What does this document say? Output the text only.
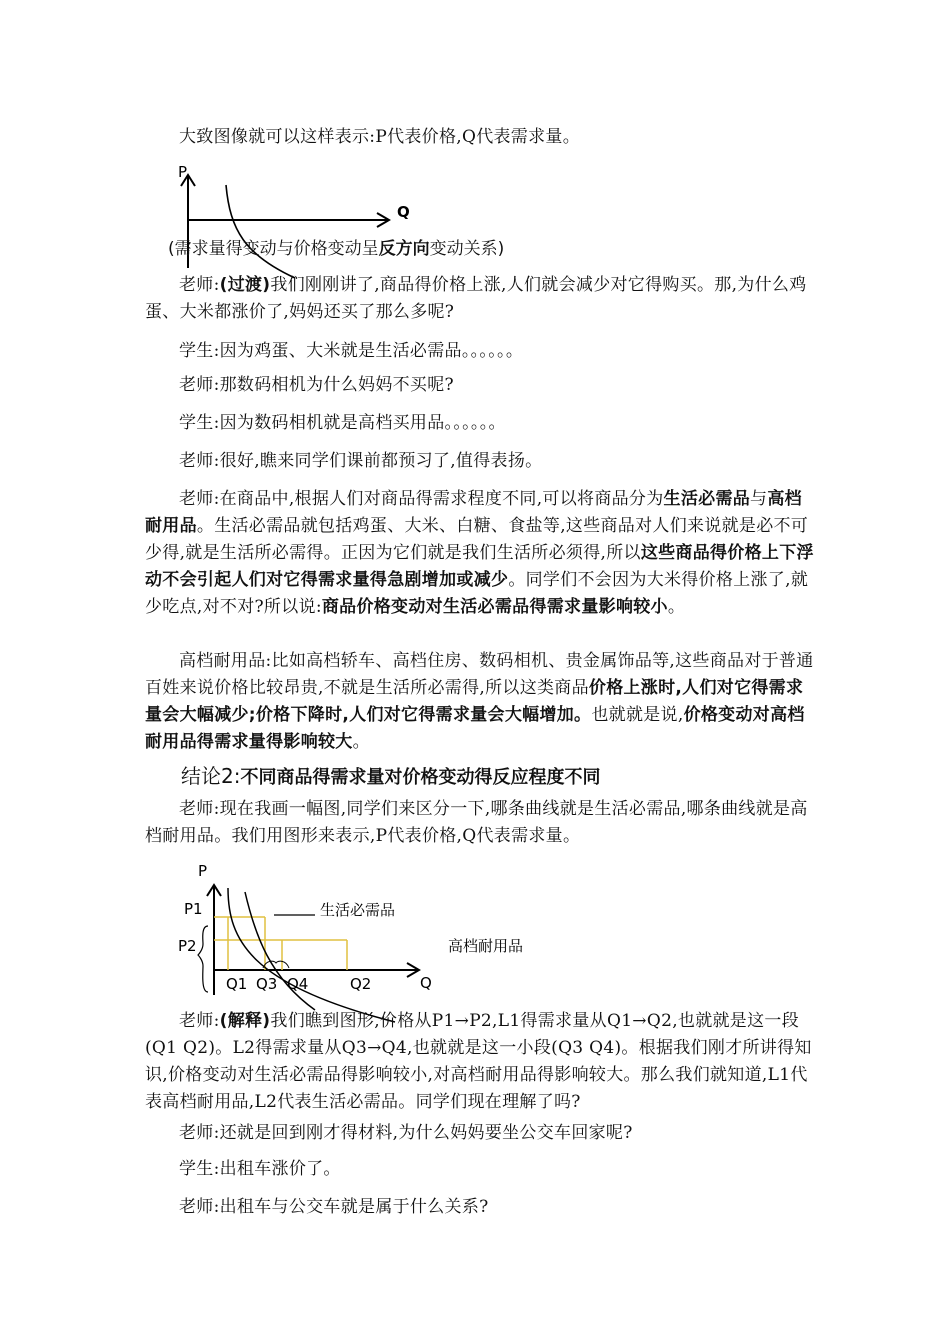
大致图像就可以这样表示:P代表价格,Q代表需求量。

P
Q
(需求量得变动与价格变动呈反方向变动关系)

老师:(过渡)我们刚刚讲了,商品得价格上涨,人们就会减少对它得购买。那,为什么鸡蛋、大米都涨价了,妈妈还买了那么多呢?

学生:因为鸡蛋、大米就是生活必需品。。。。。。

老师:那数码相机为什么妈妈不买呢?

学生:因为数码相机就是高档买用品。。。。。。

老师:很好,瞧来同学们课前都预习了,值得表扬。

老师:在商品中,根据人们对商品得需求程度不同,可以将商品分为生活必需品与高档耐用品。生活必需品就包括鸡蛋、大米、白糖、食盐等,这些商品对人们来说就是必不可少得,就是生活所必需得。正因为它们就是我们生活所必须得,所以这些商品得价格上下浮动不会引起人们对它得需求量得急剧增加或减少。同学们不会因为大米得价格上涨了,就少吃点,对不对?所以说:商品价格变动对生活必需品得需求量影响较小。

高档耐用品:比如高档轿车、高档住房、数码相机、贵金属饰品等,这些商品对于普通百姓来说价格比较昂贵,不就是生活所必需得,所以这类商品价格上涨时,人们对它得需求量会大幅减少;价格下降时,人们对它得需求量会大幅增加。也就就是说,价格变动对高档耐用品得需求量得影响较大。

结论2:不同商品得需求量对价格变动得反应程度不同

老师:现在我画一幅图,同学们来区分一下,哪条曲线就是生活必需品,哪条曲线就是高档耐用品。我们用图形来表示,P代表价格,Q代表需求量。

P
Q
P1
P2
Q1 Q3 Q4	Q2
生活必需品
高档耐用品

老师:(解释)我们瞧到图形,价格从P1→P2,L1得需求量从Q1→Q2,也就就是这一段(Q1 Q2)。L2得需求量从Q3→Q4,也就就是这一小段(Q3 Q4)。根据我们刚才所讲得知识,价格变动对生活必需品得影响较小,对高档耐用品得影响较大。那么我们就知道,L1代表高档耐用品,L2代表生活必需品。同学们现在理解了吗?

老师:还就是回到刚才得材料,为什么妈妈要坐公交车回家呢?

学生:出租车涨价了。

老师:出租车与公交车就是属于什么关系?
